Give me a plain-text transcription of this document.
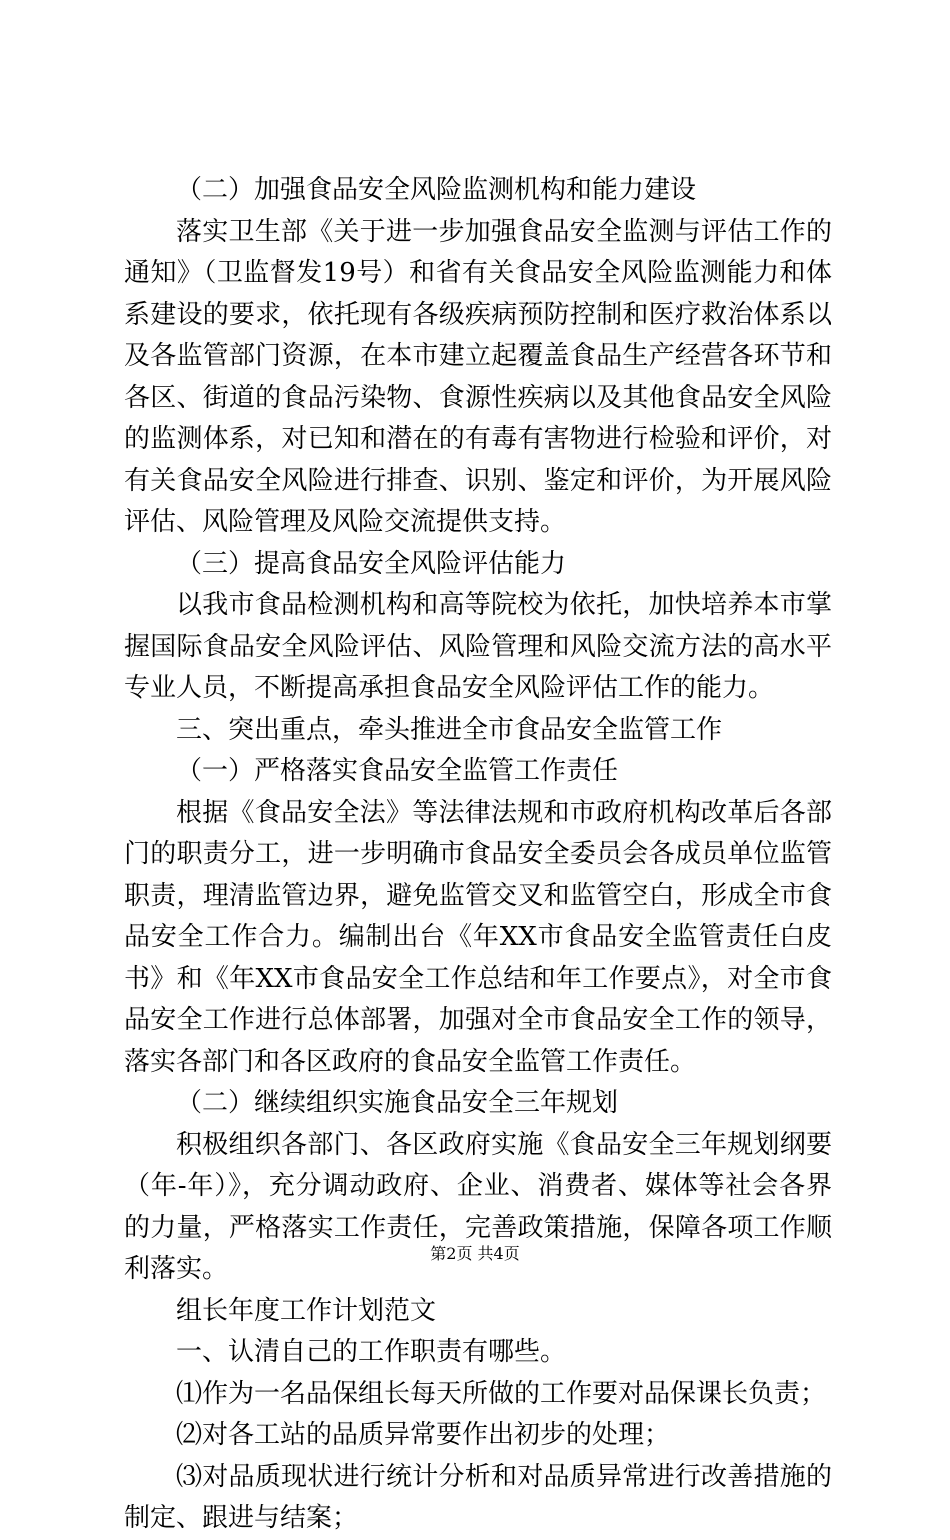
（二）加强食品安全风险监测机构和能力建设
落实卫生部《关于进一步加强食品安全监测与评估工作的
通知》（卫监督发19号）和省有关食品安全风险监测能力和体
系建设的要求，依托现有各级疾病预防控制和医疗救治体系以
及各监管部门资源，在本市建立起覆盖食品生产经营各环节和
各区、街道的食品污染物、食源性疾病以及其他食品安全风险
的监测体系，对已知和潜在的有毒有害物进行检验和评价，对
有关食品安全风险进行排查、识别、鉴定和评价，为开展风险
评估、风险管理及风险交流提供支持。
（三）提高食品安全风险评估能力
以我市食品检测机构和高等院校为依托，加快培养本市掌
握国际食品安全风险评估、风险管理和风险交流方法的高水平
专业人员，不断提高承担食品安全风险评估工作的能力。
三、突出重点，牵头推进全市食品安全监管工作
（一）严格落实食品安全监管工作责任
根据《食品安全法》等法律法规和市政府机构改革后各部
门的职责分工，进一步明确市食品安全委员会各成员单位监管
职责，理清监管边界，避免监管交叉和监管空白，形成全市食
品安全工作合力。编制出台《年XX市食品安全监管责任白皮
书》和《年XX市食品安全工作总结和年工作要点》，对全市食
品安全工作进行总体部署，加强对全市食品安全工作的领导，
落实各部门和各区政府的食品安全监管工作责任。
（二）继续组织实施食品安全三年规划
积极组织各部门、各区政府实施《食品安全三年规划纲要
（年-年）》，充分调动政府、企业、消费者、媒体等社会各界
的力量，严格落实工作责任，完善政策措施，保障各项工作顺
利落实。
组长年度工作计划范文
一、认清自己的工作职责有哪些。
⑴作为一名品保组长每天所做的工作要对品保课长负责；
⑵对各工站的品质异常要作出初步的处理；
⑶对品质现状进行统计分析和对品质异常进行改善措施的
制定、跟进与结案；
第2页 共4页
